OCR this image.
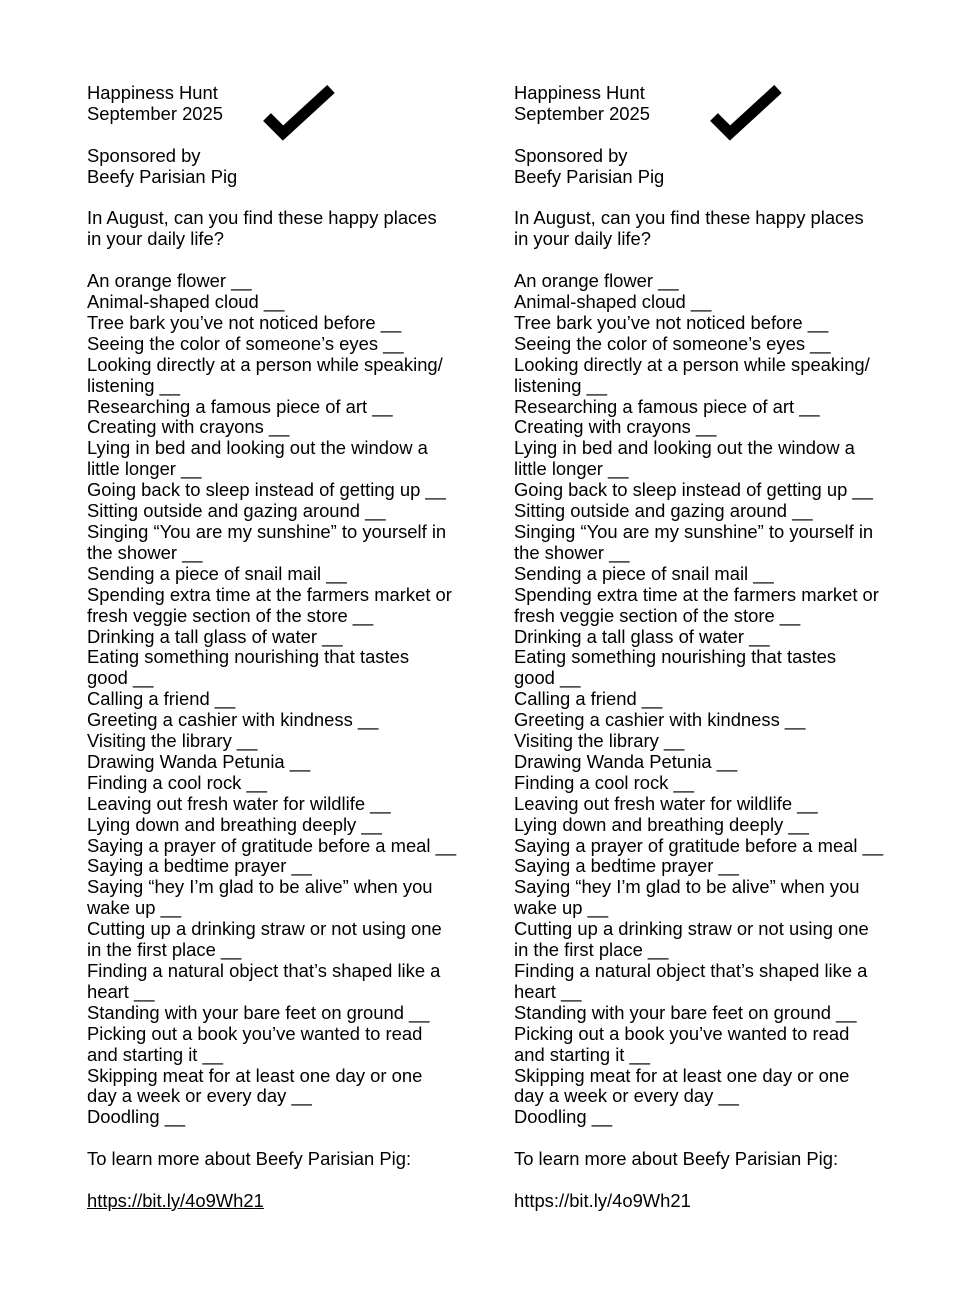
Happiness Hunt
September 2025
Sponsored by
Beefy Parisian Pig
In August, can you find these happy places
in your daily life?
An orange flower __
Animal-shaped cloud __
Tree bark you’ve not noticed before __
Seeing the color of someone’s eyes __
Looking directly at a person while speaking/
listening __
Researching a famous piece of art __
Creating with crayons __
Lying in bed and looking out the window a
little longer __
Going back to sleep instead of getting up __
Sitting outside and gazing around __
Singing “You are my sunshine” to yourself in
the shower __
Sending a piece of snail mail __
Spending extra time at the farmers market or
fresh veggie section of the store __
Drinking a tall glass of water __
Eating something nourishing that tastes
good __
Calling a friend __
Greeting a cashier with kindness __
Visiting the library __
Drawing Wanda Petunia __
Finding a cool rock __
Leaving out fresh water for wildlife __
Lying down and breathing deeply __
Saying a prayer of gratitude before a meal __
Saying a bedtime prayer __
Saying “hey I’m glad to be alive” when you
wake up __
Cutting up a drinking straw or not using one
in the first place __
Finding a natural object that’s shaped like a
heart __
Standing with your bare feet on ground __
Picking out a book you’ve wanted to read
and starting it __
Skipping meat for at least one day or one
day a week or every day __
Doodling __
To learn more about Beefy Parisian Pig:
https://bit.ly/4o9Wh21
Happiness Hunt
September 2025
Sponsored by
Beefy Parisian Pig
In August, can you find these happy places
in your daily life?
An orange flower __
Animal-shaped cloud __
Tree bark you’ve not noticed before __
Seeing the color of someone’s eyes __
Looking directly at a person while speaking/
listening __
Researching a famous piece of art __
Creating with crayons __
Lying in bed and looking out the window a
little longer __
Going back to sleep instead of getting up __
Sitting outside and gazing around __
Singing “You are my sunshine” to yourself in
the shower __
Sending a piece of snail mail __
Spending extra time at the farmers market or
fresh veggie section of the store __
Drinking a tall glass of water __
Eating something nourishing that tastes
good __
Calling a friend __
Greeting a cashier with kindness __
Visiting the library __
Drawing Wanda Petunia __
Finding a cool rock __
Leaving out fresh water for wildlife __
Lying down and breathing deeply __
Saying a prayer of gratitude before a meal __
Saying a bedtime prayer __
Saying “hey I’m glad to be alive” when you
wake up __
Cutting up a drinking straw or not using one
in the first place __
Finding a natural object that’s shaped like a
heart __
Standing with your bare feet on ground __
Picking out a book you’ve wanted to read
and starting it __
Skipping meat for at least one day or one
day a week or every day __
Doodling __
To learn more about Beefy Parisian Pig:
https://bit.ly/4o9Wh21
